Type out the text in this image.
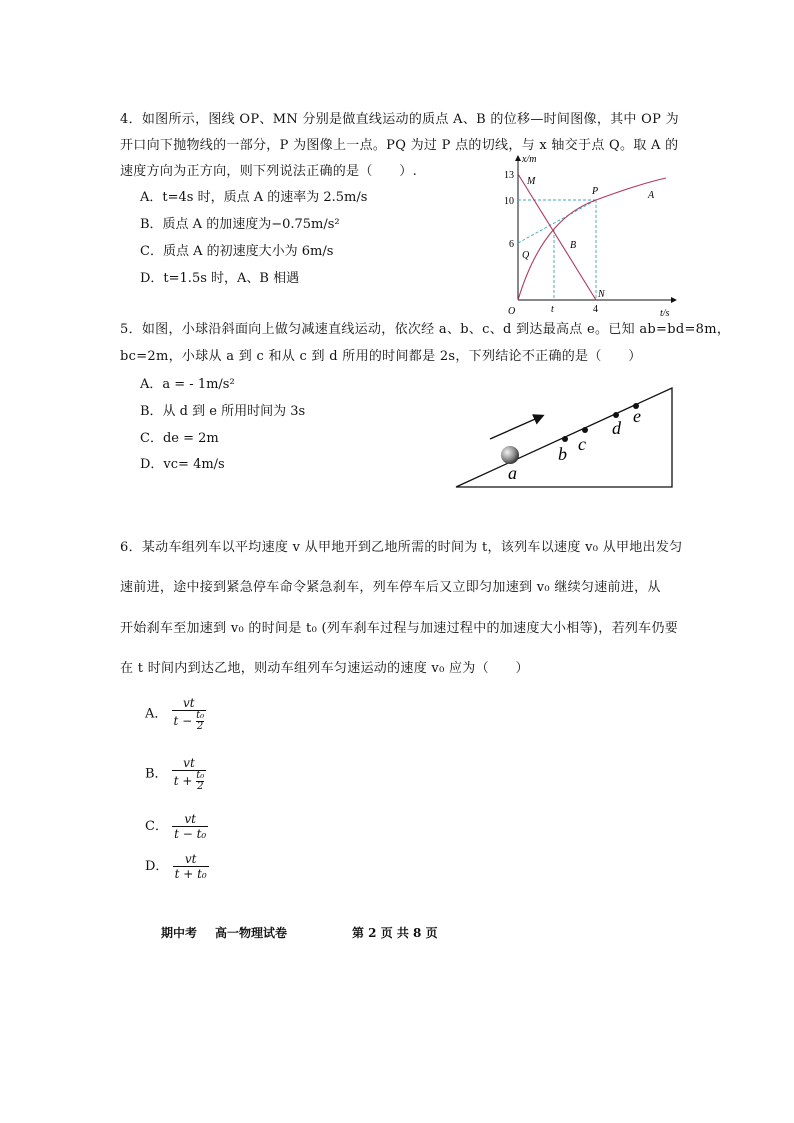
4．如图所示，图线 OP、MN 分别是做直线运动的质点 A、B 的位移—时间图像，其中 OP 为
开口向下抛物线的一部分，P 为图像上一点。PQ 为过 P 点的切线，与 x 轴交于点 Q。取 A 的
速度方向为正方向，则下列说法正确的是（　　）.
A．t=4s 时，质点 A 的速率为 2.5m/s
B．质点 A 的加速度为−0.75m/s²
C．质点 A 的初速度大小为 6m/s
D．t=1.5s 时，A、B 相遇
x/m
t/s
O
13
10
6
t	4
M
P
Q
N
A
B
5．如图，小球沿斜面向上做匀减速直线运动，依次经 a、b、c、d 到达最高点 e。已知 ab=bd=8m，
bc=2m，小球从 a 到 c 和从 c 到 d 所用的时间都是 2s，下列结论不正确的是（　　）
A．a = - 1m/s²
B．从 d 到 e 所用时间为 3s
C．de = 2m
D．vc= 4m/s	a
b c
d
e
6．某动车组列车以平均速度 v 从甲地开到乙地所需的时间为 t，该列车以速度 v₀ 从甲地出发匀
速前进，途中接到紧急停车命令紧急刹车，列车停车后又立即匀加速到 v₀ 继续匀速前进，从
开始刹车至加速到 v₀ 的时间是 t₀ (列车刹车过程与加速过程中的加速度大小相等)，若列车仍要
在 t 时间内到达乙地，则动车组列车匀速运动的速度 v₀ 应为（　　）
A． $\frac{vt}{t - \frac{\text{t₀}}{2}}$
B． $\frac{vt}{t + \frac{\text{t₀}}{2}}$
C． $\frac{vt}{\text{t − t₀}}$
D． $\frac{vt}{\text{t + t₀}}$
期中考 高一物理试卷	第 2 页 共 8 页
